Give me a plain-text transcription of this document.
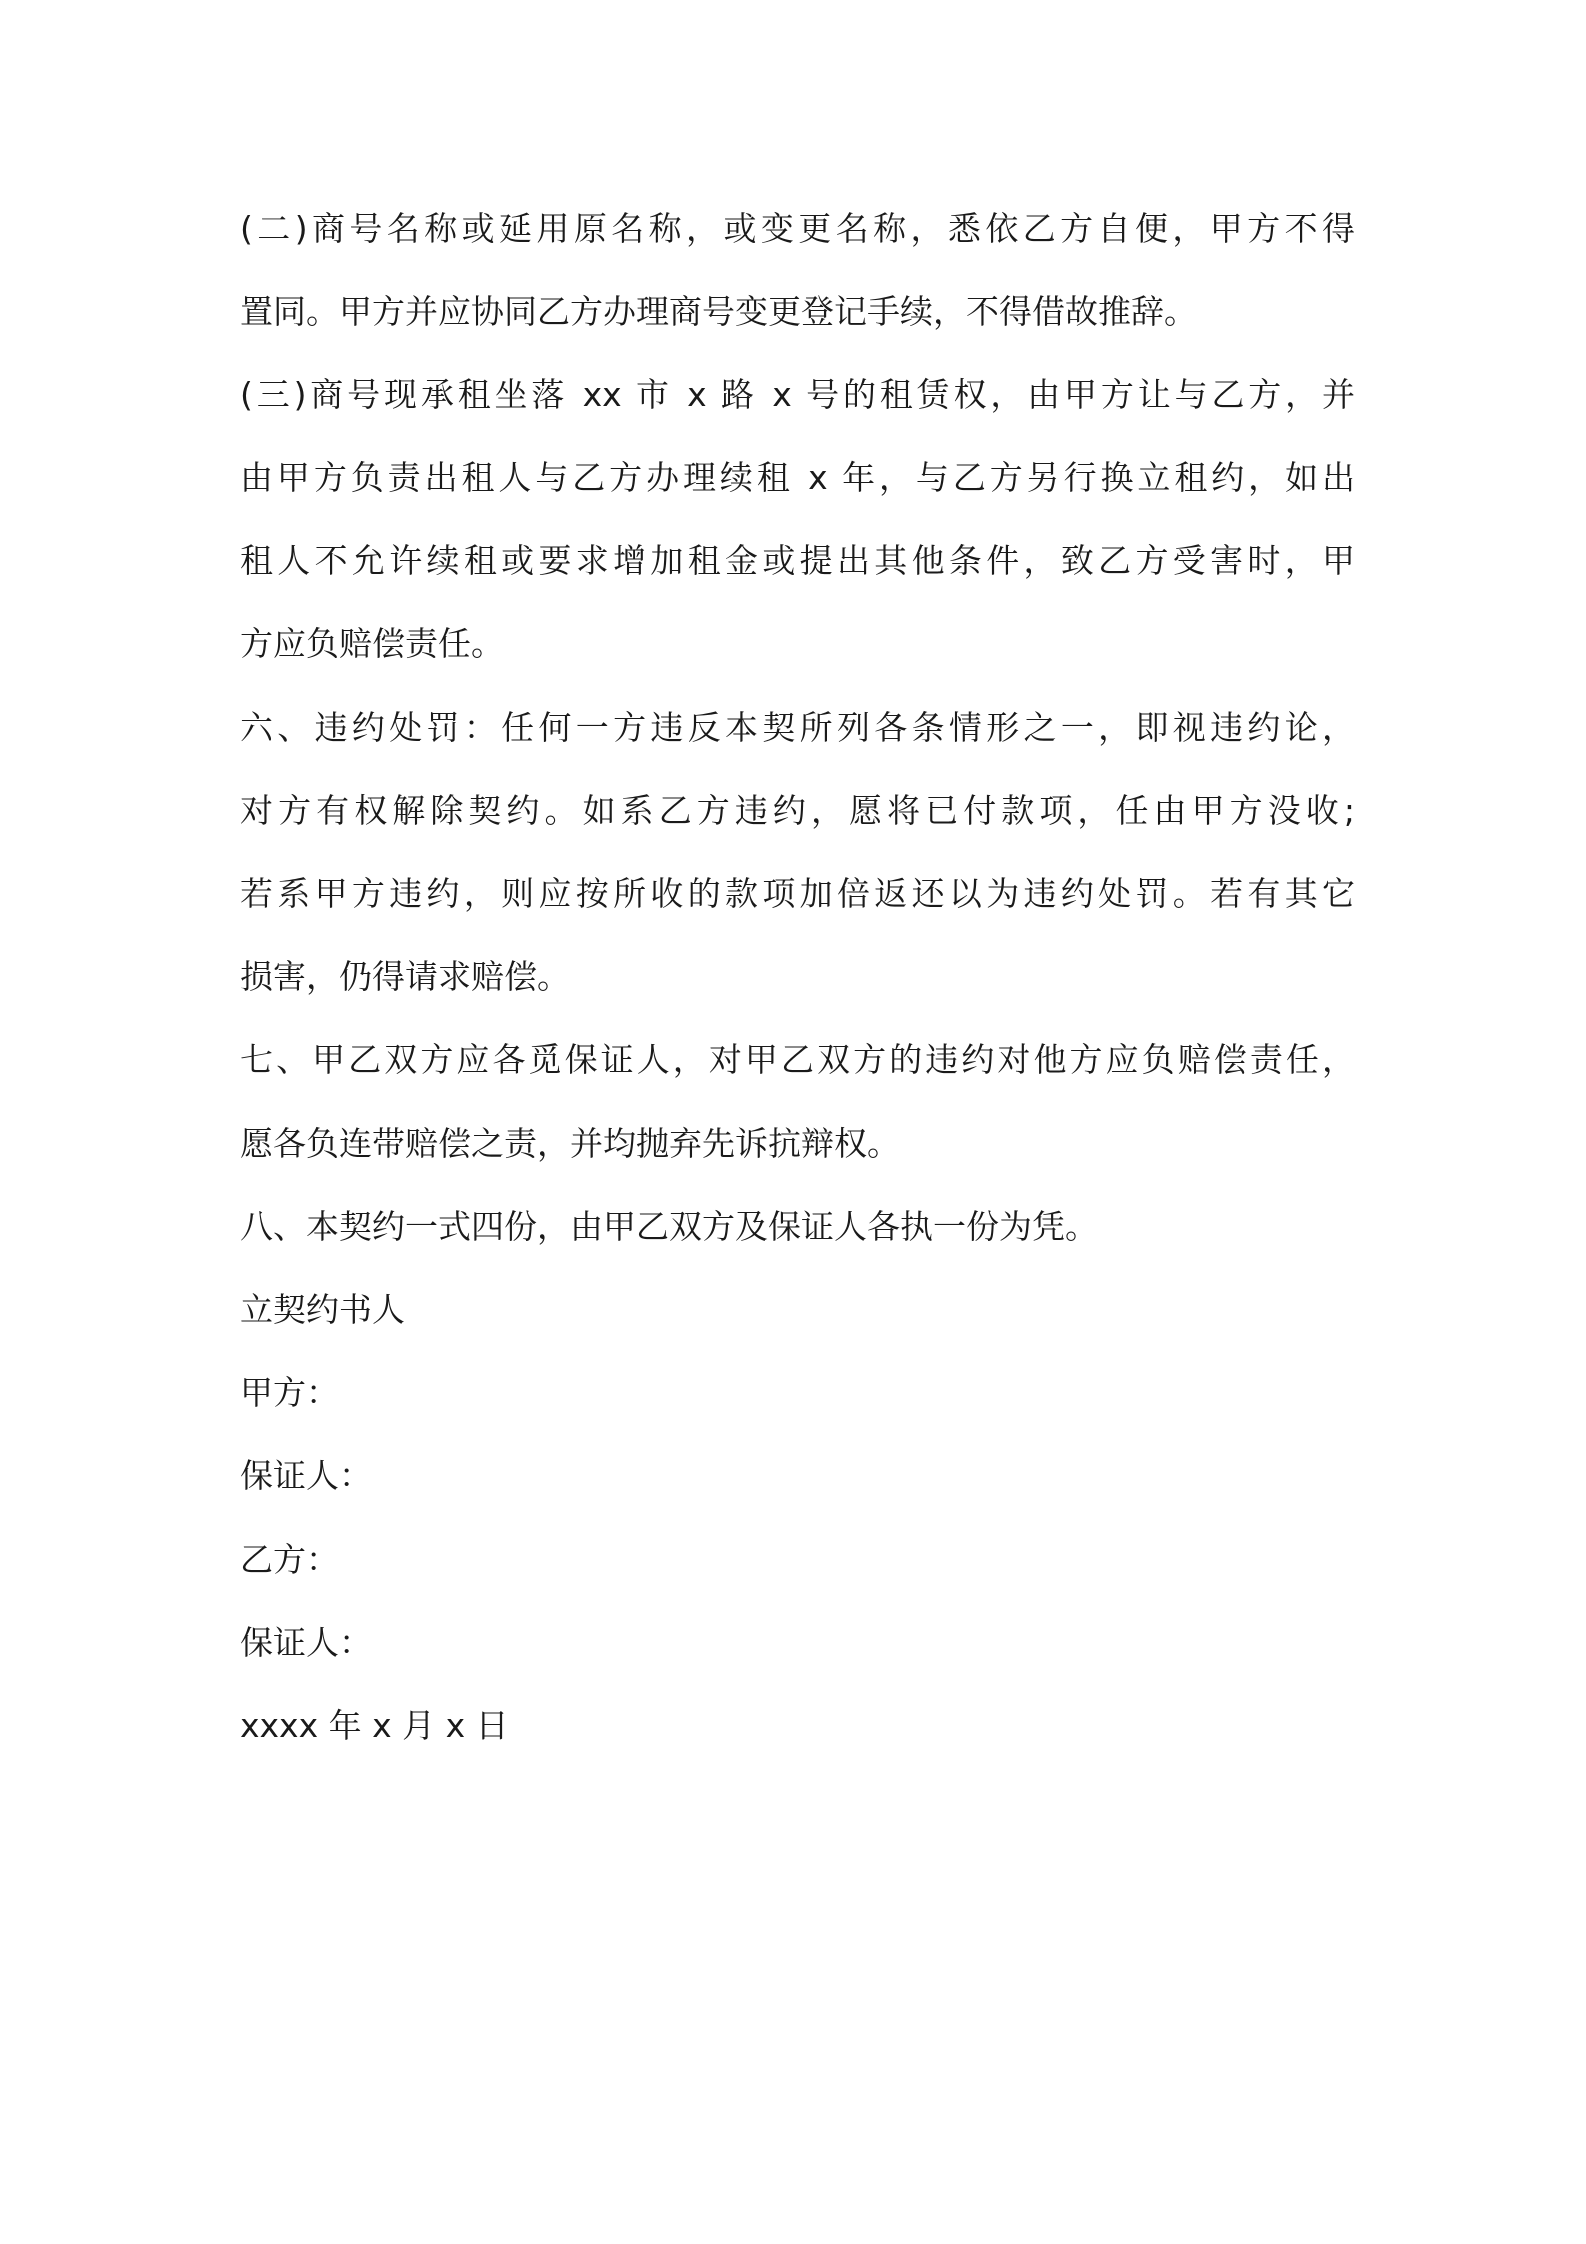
(二)商号名称或延用原名称，或变更名称，悉依乙方自便，甲方不得

置同。甲方并应协同乙方办理商号变更登记手续，不得借故推辞。

(三)商号现承租坐落 xx 市 x 路 x 号的租赁权，由甲方让与乙方，并

由甲方负责出租人与乙方办理续租 x 年，与乙方另行换立租约，如出

租人不允许续租或要求增加租金或提出其他条件，致乙方受害时，甲

方应负赔偿责任。

六、违约处罚：任何一方违反本契所列各条情形之一，即视违约论，

对方有权解除契约。如系乙方违约，愿将已付款项，任由甲方没收;

若系甲方违约，则应按所收的款项加倍返还以为违约处罚。若有其它

损害，仍得请求赔偿。

七、甲乙双方应各觅保证人，对甲乙双方的违约对他方应负赔偿责任，

愿各负连带赔偿之责，并均抛弃先诉抗辩权。

八、本契约一式四份，由甲乙双方及保证人各执一份为凭。

立契约书人

甲方：

保证人：

乙方：

保证人：

xxxx 年 x 月 x 日
